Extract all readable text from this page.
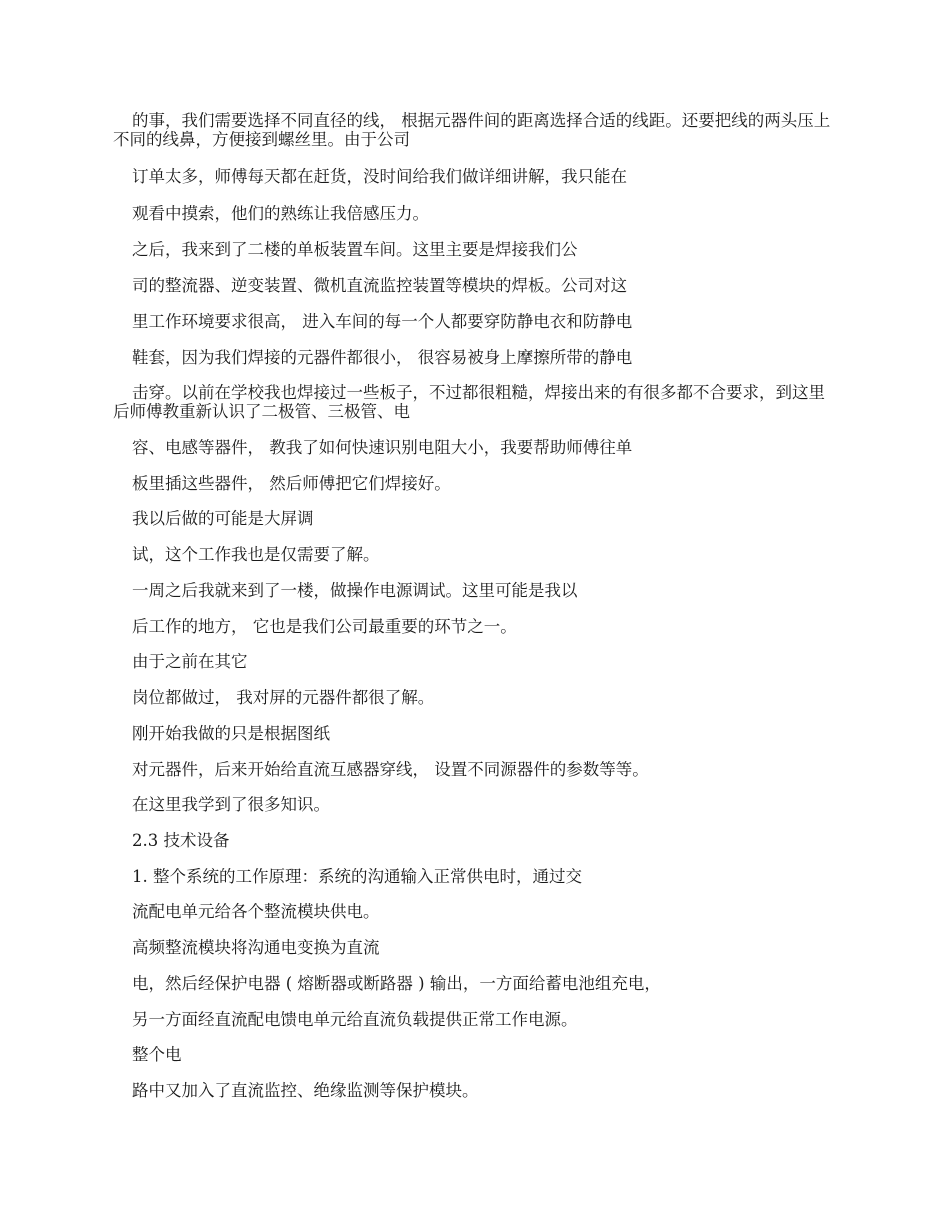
的事，我们需要选择不同直径的线， 根据元器件间的距离选择合适的线距。还要把线的两头压上不同的线鼻，方便接到螺丝里。由于公司

订单太多，师傅每天都在赶货，没时间给我们做详细讲解，我只能在

观看中摸索，他们的熟练让我倍感压力。

之后，我来到了二楼的单板装置车间。这里主要是焊接我们公

司的整流器、逆变装置、微机直流监控装置等模块的焊板。公司对这

里工作环境要求很高， 进入车间的每一个人都要穿防静电衣和防静电

鞋套，因为我们焊接的元器件都很小， 很容易被身上摩擦所带的静电

击穿。以前在学校我也焊接过一些板子，不过都很粗糙，焊接出来的有很多都不合要求，到这里后师傅教重新认识了二极管、三极管、电

容、电感等器件， 教我了如何快速识别电阻大小，我要帮助师傅往单

板里插这些器件， 然后师傅把它们焊接好。

我以后做的可能是大屏调

试，这个工作我也是仅需要了解。

一周之后我就来到了一楼，做操作电源调试。这里可能是我以

后工作的地方， 它也是我们公司最重要的环节之一。

由于之前在其它

岗位都做过， 我对屏的元器件都很了解。

刚开始我做的只是根据图纸

对元器件，后来开始给直流互感器穿线， 设置不同源器件的参数等等。

在这里我学到了很多知识。

2.3 技术设备

1. 整个系统的工作原理：系统的沟通输入正常供电时，通过交

流配电单元给各个整流模块供电。

高频整流模块将沟通电变换为直流

电，然后经保护电器 ( 熔断器或断路器 ) 输出，一方面给蓄电池组充电，

另一方面经直流配电馈电单元给直流负载提供正常工作电源。

整个电

路中又加入了直流监控、绝缘监测等保护模块。
